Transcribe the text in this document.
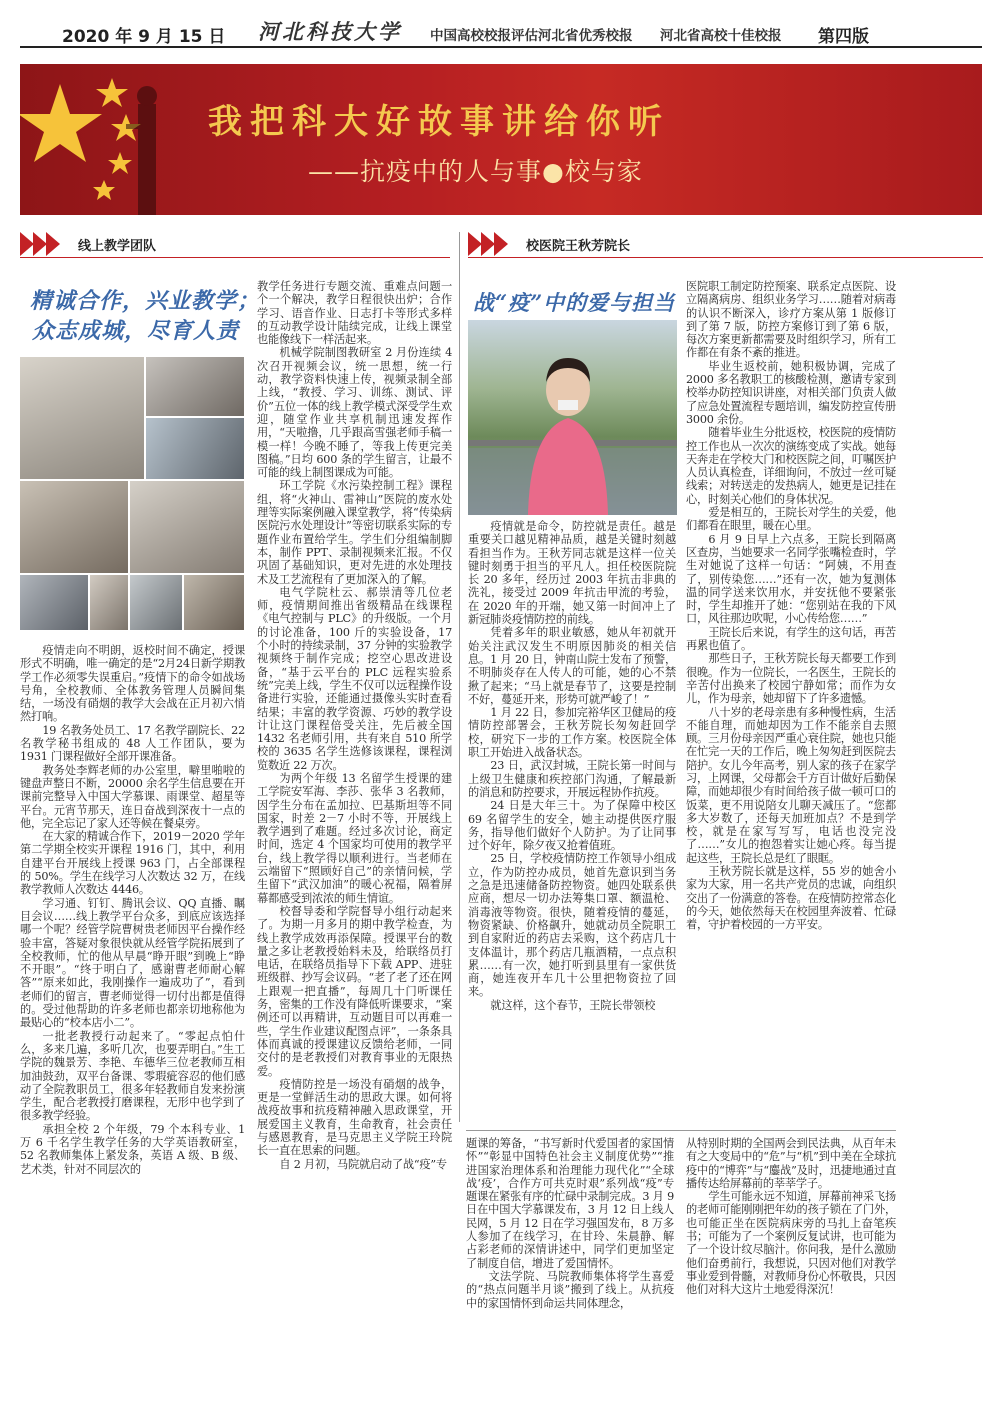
2020 年 9 月 15 日 河北科技大学 中国高校校报评估河北省优秀校报 河北省高校十佳校报 第四版
我把科大好故事讲给你听
——抗疫中的人与事●校与家
线上教学团队	校医院王秋芳院长
精诚合作，兴业教学；
众志成城，尽育人责

疫情走向不明朗，返校时间不确定，授课形式不明确，唯一确定的是“2月24日新学期教学工作必须零失误重启。”疫情下的命令如战场号角，全校教师、全体教务管理人员瞬间集结，一场没有硝烟的教学大会战在正月初六悄然打响。

19 名教务处员工、17 名教学副院长、22 名教学秘书组成的 48 人工作团队，要为 1931 门课程做好全部开课准备。

教务处李辉老师的办公室里，噼里啪啦的键盘声整日不断，20000 余名学生信息要在开课前完整导入中国大学慕课、雨课堂、超星等平台。元宵节那天，连日奋战到深夜十一点的他，完全忘记了家人还等候在餐桌旁。

在大家的精诚合作下，2019－2020 学年第二学期全校实开课程 1916 门，其中，利用自建平台开展线上授课 963 门，占全部课程的 50%。学生在线学习人次数达 32 万，在线教学教师人次数达 4446。

学习通、钉钉、腾讯会议、QQ 直播、瞩目会议……线上教学平台众多，到底应该选择哪一个呢？经管学院曹树贵老师因平台操作经验丰富，答疑对象很快就从经管学院拓展到了全校教师，忙的他从早晨“睁开眼”到晚上“睁不开眼”。“终于明白了，感谢曹老师耐心解答”“原来如此，我刚操作一遍成功了”，看到老师们的留言，曹老师觉得一切付出都是值得的。受过他帮助的许多老师也都亲切地称他为最贴心的“校本店小二”。

一批老教授行动起来了。“零起点怕什么，多来几遍，多听几次，也要弄明白。”生工学院的魏景芳、李艳、车德华三位老教师互相加油鼓劲，双平台备课、零瑕疵容忍的他们感动了全院教职员工，很多年轻教师自发来扮演学生，配合老教授打磨课程，无形中也学到了很多教学经验。

承担全校 2 个年级，79 个本科专业、1 万 6 千名学生教学任务的大学英语教研室，52 名教师集体上紧发条，英语 A 级、B 级、艺术类，针对不同层次的

教学任务进行专题交流、重难点问题一个一个解决，教学日程很快出炉；合作学习、语音作业、日志打卡等形式多样的互动教学设计陆续完成，让线上课堂也能像线下一样活起来。

机械学院制图教研室 2 月份连续 4 次召开视频会议，统一思想，统一行动，教学资料快速上传，视频录制全部上线，“教授、学习、训练、测试、评价”五位一体的线上教学模式深受学生欢迎，随堂作业共享机制迅速发挥作用，“天啦撸，几乎跟高雪强老师手稿一模一样！今晚不睡了，等我上传更完美图稿。”日均 600 条的学生留言，让最不可能的线上制图课成为可能。

环工学院《水污染控制工程》课程组，将“火神山、雷神山”医院的废水处理等实际案例融入课堂教学，将“传染病医院污水处理设计”等密切联系实际的专题作业布置给学生。学生们分组编制脚本，制作 PPT、录制视频来汇报。不仅巩固了基础知识，更对先进的水处理技术及工艺流程有了更加深入的了解。

电气学院杜云、郝崇清等几位老师，疫情期间推出省级精品在线课程《电气控制与 PLC》的升级版。一个月的讨论准备，100 斤的实验设备，17 个小时的持续录制，37 分钟的实验教学视频终于制作完成；挖空心思改进设备，“基于云平台的 PLC 远程实验系统”完美上线，学生不仅可以远程操作设备进行实验，还能通过摄像头实时查看结果；丰富的教学资源、巧妙的教学设计让这门课程倍受关注，先后被全国 1432 名老师引用，共有来自 510 所学校的 3635 名学生选修该课程，课程浏览数近 22 万次。

为两个年级 13 名留学生授课的建工学院安军海、李莎、张华 3 名教师，因学生分布在孟加拉、巴基斯坦等不同国家，时差 2－7 小时不等，开展线上教学遇到了难题。经过多次讨论，商定时间，选定 4 个国家均可使用的教学平台，线上教学得以顺利进行。当老师在云端留下“照顾好自己”的亲情问候，学生留下“武汉加油”的暖心祝福，隔着屏幕都感受到浓浓的师生情谊。

校督导委和学院督导小组行动起来了。为期一月多月的期中教学检查，为线上教学成效再添保障。授课平台的数量之多让老教授始料未及，给联络员打电话，在联络员指导下下载 APP、进驻班级群、抄写会议码。“老了老了还在网上跟观一把直播”，每周几十门听课任务，密集的工作没有降低听课要求，“案例还可以再精讲，互动题目可以再难一些，学生作业建议配图点评”，一条条具体而真诚的授课建议反馈给老师，一同交付的是老教授们对教育事业的无限热爱。

疫情防控是一场没有硝烟的战争，更是一堂鲜活生动的思政大课。如何将战疫故事和抗疫精神融入思政课堂，开展爱国主义教育，生命教育，社会责任与感恩教育，是马克思主义学院王玲院长一直在思索的问题。

自 2 月初，马院就启动了战“疫”专

战“疫”中的爱与担当

疫情就是命令，防控就是责任。越是重要关口越见精神品质，越是关键时刻越看担当作为。王秋芳同志就是这样一位关键时刻勇于担当的平凡人。担任校医院院长 20 多年，经历过 2003 年抗击非典的洗礼，接受过 2009 年抗击甲流的考验，在 2020 年的开端，她又第一时间冲上了新冠肺炎疫情防控的前线。

凭着多年的职业敏感，她从年初就开始关注武汉发生不明原因肺炎的相关信息。1 月 20 日，钟南山院士发布了预警，不明肺炎存在人传人的可能，她的心不禁揪了起来；“马上就是春节了，这要是控制不好，蔓延开来，形势可就严峻了！”

1 月 22 日，参加完裕华区卫健局的疫情防控部署会，王秋芳院长匆匆赶回学校，研究下一步的工作方案。校医院全体职工开始进入战备状态。

23 日，武汉封城，王院长第一时间与上级卫生健康和疾控部门沟通，了解最新的消息和防控要求，开展远程协作抗疫。

24 日是大年三十。为了保障中校区 69 名留学生的安全，她主动提供医疗服务，指导他们做好个人防护。为了让同事过个好年，除夕夜又抢着值班。

25 日，学校疫情防控工作领导小组成立，作为防控办成员，她首先意识到当务之急是迅速储备防控物资。她四处联系供应商，想尽一切办法筹集口罩、额温枪、消毒液等物资。很快，随着疫情的蔓延，物资紧缺、价格飙升，她就动员全院职工到自家附近的药店去采购，这个药店几十支体温计，那个药店几瓶酒精，一点点积累……有一次，她打听到县里有一家供货商，她连夜开车几十公里把物资拉了回来。

就这样，这个春节，王院长带领校

医院职工制定防控预案、联系定点医院、设立隔离病房、组织业务学习……随着对病毒的认识不断深入，诊疗方案从第 1 版修订到了第 7 版，防控方案修订到了第 6 版，每次方案更新都需要及时组织学习，所有工作都在有条不紊的推进。

毕业生返校前，她积极协调，完成了 2000 多名教职工的核酸检测，邀请专家到校举办防控知识讲座，对相关部门负责人做了应急处置流程专题培训，编发防控宣传册 3000 余份。

随着毕业生分批返校，校医院的疫情防控工作也从一次次的演练变成了实战。她每天奔走在学校大门和校医院之间，叮嘱医护人员认真检查，详细询问，不放过一丝可疑线索；对转送走的发热病人，她更是记挂在心，时刻关心他们的身体状况。

爱是相互的，王院长对学生的关爱，他们都看在眼里，暖在心里。

6 月 9 日早上六点多，王院长到隔离区查房，当她要求一名同学张嘴检查时，学生对她说了这样一句话：“阿姨，不用查了，别传染您……”还有一次，她为复测体温的同学送来饮用水，并安抚他不要紧张时，学生却推开了她：“您别站在我的下风口，风往那边吹呢，小心传给您……”

王院长后来说，有学生的这句话，再苦再累也值了。

那些日子，王秋芳院长每天都要工作到很晚。作为一位院长，一名医生，王院长的辛苦付出换来了校园宁静如常；而作为女儿，作为母亲，她却留下了许多遗憾。

八十岁的老母亲患有多种慢性病，生活不能自理，而她却因为工作不能亲自去照顾。三月份母亲因严重心衰住院，她也只能在忙完一天的工作后，晚上匆匆赶到医院去陪护。女儿今年高考，别人家的孩子在家学习，上网课，父母都会千方百计做好后勤保障，而她却很少有时间给孩子做一顿可口的饭菜，更不用说陪女儿聊天减压了。“您都多大岁数了，还每天加班加点？不是到学校，就是在家写写写，电话也没完没了……”女儿的抱怨着实让她心疼。每当提起这些，王院长总是红了眼眶。

王秋芳院长就是这样，55 岁的她舍小家为大家，用一名共产党员的忠诚，向组织交出了一份满意的答卷。在疫情防控常态化的今天，她依然每天在校园里奔波着、忙碌着，守护着校园的一方平安。

题课的筹备，“书写新时代爱国者的家国情怀”“彰显中国特色社会主义制度优势”“推进国家治理体系和治理能力现代化”“全球战‘疫’，合作方可共克时艰”系列战“疫”专题课在紧张有序的忙碌中录制完成。3 月 9 日在中国大学慕课发布，3 月 12 日上线人民网，5 月 12 日在学习强国发布，8 万多人参加了在线学习，在甘玲、朱晨静、解占彩老师的深情讲述中，同学们更加坚定了制度自信，增进了爱国情怀。

文法学院、马院教师集体将学生喜爱的“热点问题半月谈”搬到了线上。从抗疫中的家国情怀到命运共同体理念，

从特别时期的全国两会到民法典，从百年未有之大变局中的“危”与“机”到中美在全球抗疫中的“博弈”与“鏖战”及时，迅捷地通过直播传达给屏幕前的莘莘学子。

学生可能永远不知道，屏幕前神采飞扬的老师可能刚刚把年幼的孩子锁在了门外，也可能正坐在医院病床旁的马扎上奋笔疾书；可能为了一个案例反复试讲，也可能为了一个设计纹尽脑汁。你问我，是什么激励他们奋勇前行，我想说，只因对他们对教学事业爱到骨髓，对教师身份心怀敬畏，只因他们对科大这片土地爱得深沉！
